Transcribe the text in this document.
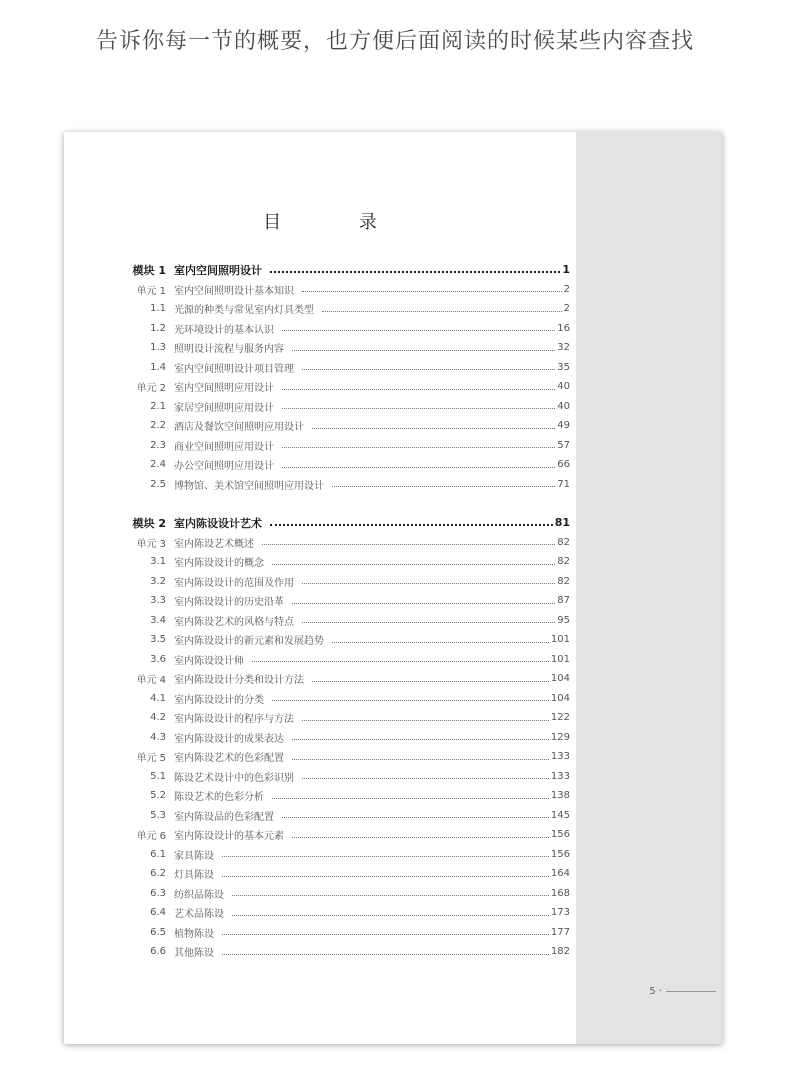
告诉你每一节的概要，也方便后面阅读的时候某些内容查找
目 录
模块 1 室内空间照明设计	1
单元 1 室内空间照明设计基本知识	2
1.1 光源的种类与常见室内灯具类型	2
1.2 光环境设计的基本认识	16
1.3 照明设计流程与服务内容	32
1.4 室内空间照明设计项目管理	35
单元 2 室内空间照明应用设计	40
2.1 家居空间照明应用设计	40
2.2 酒店及餐饮空间照明应用设计	49
2.3 商业空间照明应用设计	57
2.4 办公空间照明应用设计	66
2.5 博物馆、美术馆空间照明应用设计	71
模块 2 室内陈设设计艺术	81
单元 3 室内陈设艺术概述	82
3.1 室内陈设设计的概念	82
3.2 室内陈设设计的范围及作用	82
3.3 室内陈设设计的历史沿革	87
3.4 室内陈设艺术的风格与特点	95
3.5 室内陈设设计的新元素和发展趋势	101
3.6 室内陈设设计师	101
单元 4 室内陈设设计分类和设计方法	104
4.1 室内陈设设计的分类	104
4.2 室内陈设设计的程序与方法	122
4.3 室内陈设设计的成果表达	129
单元 5 室内陈设艺术的色彩配置	133
5.1 陈设艺术设计中的色彩识别	133
5.2 陈设艺术的色彩分析	138
5.3 室内陈设品的色彩配置	145
单元 6 室内陈设设计的基本元素	156
6.1 家具陈设	156
6.2 灯具陈设	164
6.3 纺织品陈设	168
6.4 艺术品陈设	173
6.5 植物陈设	177
6.6 其他陈设	182
5 ·
